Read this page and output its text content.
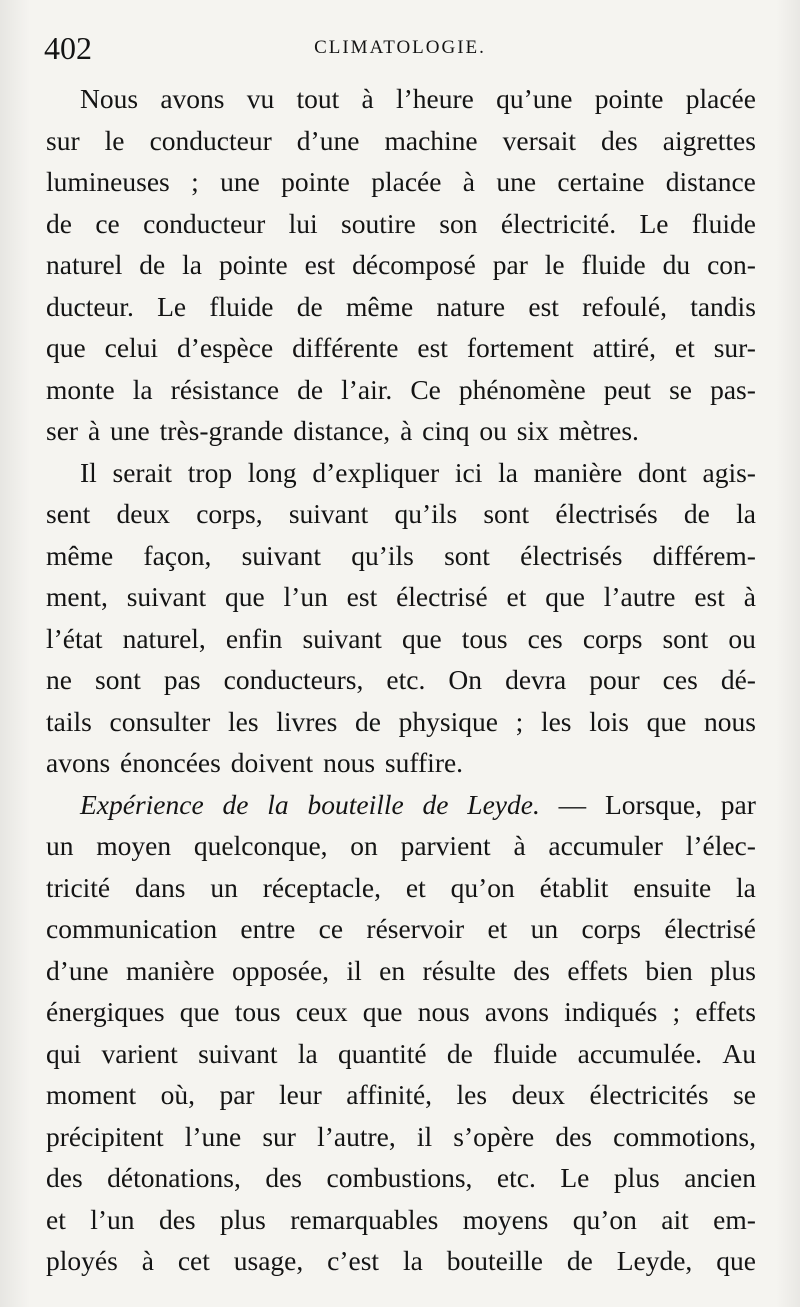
402	CLIMATOLOGIE.
Nous avons vu tout à l’heure qu’une pointe placée
sur le conducteur d’une machine versait des aigrettes
lumineuses ; une pointe placée à une certaine distance
de ce conducteur lui soutire son électricité. Le fluide
naturel de la pointe est décomposé par le fluide du con-
ducteur. Le fluide de même nature est refoulé, tandis
que celui d’espèce différente est fortement attiré, et sur-
monte la résistance de l’air. Ce phénomène peut se pas-
ser
à
une
très-grande
distance,
à
cinq
ou
six
mètres.
Il serait trop long d’expliquer ici la manière dont agis-
sent deux corps, suivant qu’ils sont électrisés de la
même façon, suivant qu’ils sont électrisés différem-
ment, suivant que l’un est électrisé et que l’autre est à
l’état naturel, enfin suivant que tous ces corps sont ou
ne sont pas conducteurs, etc. On devra pour ces dé-
tails consulter les livres de physique ; les lois que nous
avons
énoncées
doivent
nous
suffire.
Expérience de la bouteille de Leyde. — Lorsque, par
un moyen quelconque, on parvient à accumuler l’élec-
tricité dans un réceptacle, et qu’on établit ensuite la
communication entre ce réservoir et un corps électrisé
d’une manière opposée, il en résulte des effets bien plus
énergiques que tous ceux que nous avons indiqués ; effets
qui varient suivant la quantité de fluide accumulée. Au
moment où, par leur affinité, les deux électricités se
précipitent l’une sur l’autre, il s’opère des commotions,
des détonations, des combustions, etc. Le plus ancien
et l’un des plus remarquables moyens qu’on ait em-
ployés à cet usage, c’est la bouteille de Leyde, que
